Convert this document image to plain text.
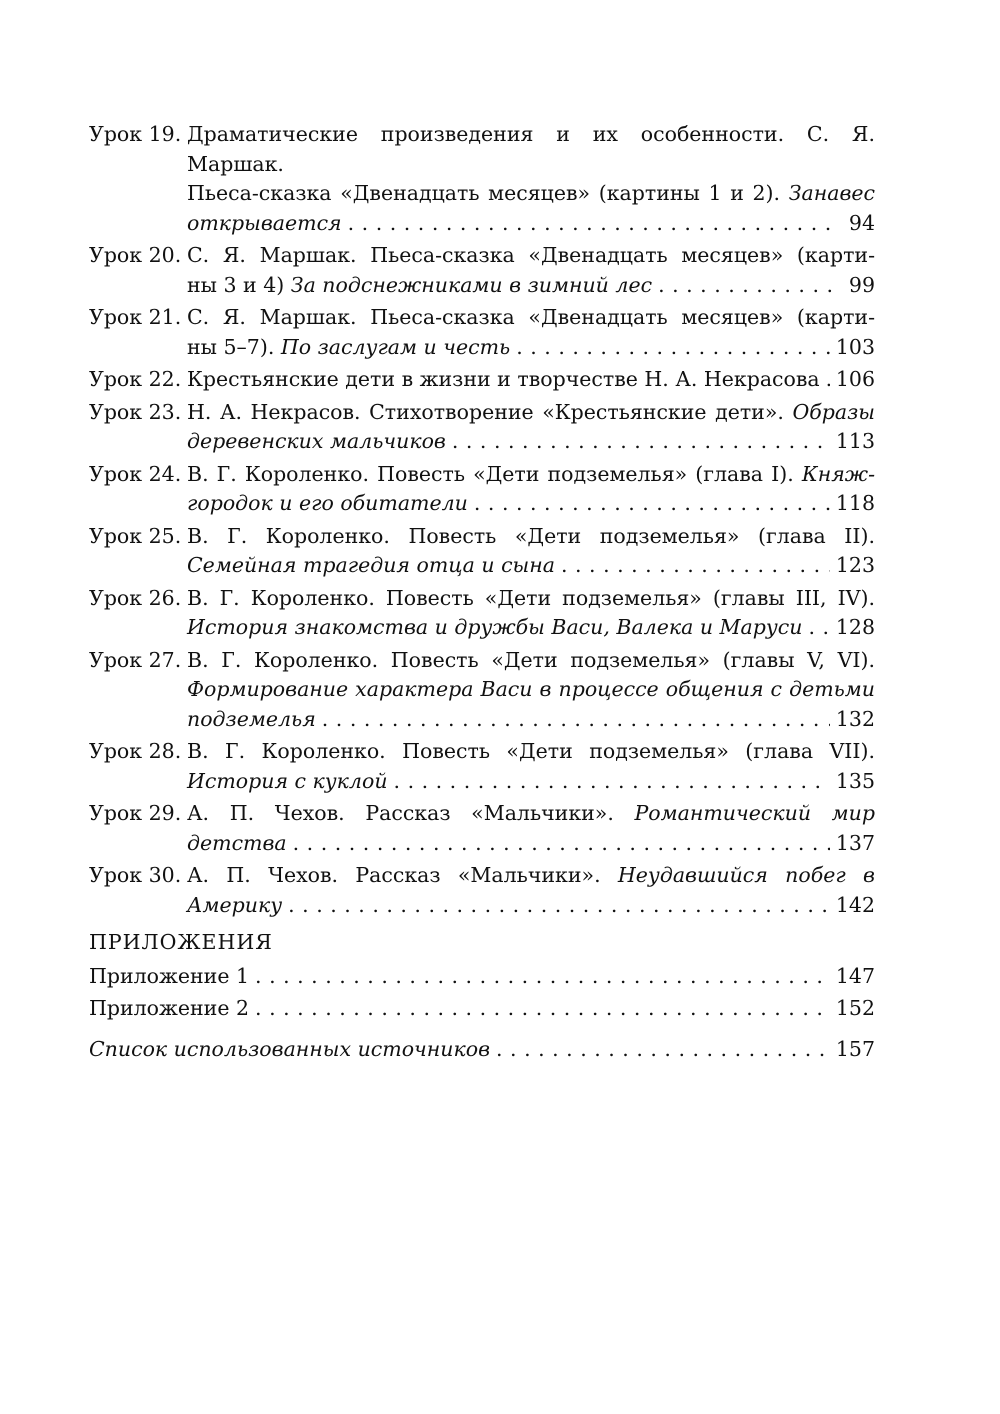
Урок 19. Драматические произведения и их особенности. С. Я. Маршак.
Пьеса-сказка «Двенадцать месяцев» (картины 1 и 2). Занавес
открывается . . .	94
Урок 20. С. Я. Маршак. Пьеса-сказка «Двенадцать месяцев» (карти-
ны 3 и 4) За подснежниками в зимний лес . . .	99
Урок 21. С. Я. Маршак. Пьеса-сказка «Двенадцать месяцев» (карти-
ны 5–7). По заслугам и честь . . .	103
Урок 22. Крестьянские дети в жизни и творчестве Н. А. Некрасова . . . 106
Урок 23. Н. А. Некрасов. Стихотворение «Крестьянские дети». Образы
деревенских мальчиков . . .	113
Урок 24. В. Г. Короленко. Повесть «Дети подземелья» (глава I). Княж-
городок и его обитатели . . .	118
Урок 25. В. Г. Короленко. Повесть «Дети подземелья» (глава II).
Семейная трагедия отца и сына . . .	123
Урок 26. В. Г. Короленко. Повесть «Дети подземелья» (главы III, IV).
История знакомства и дружбы Васи, Валека и Маруси . . . 128
Урок 27. В. Г. Короленко. Повесть «Дети подземелья» (главы V, VI).
Формирование характера Васи в процессе общения с детьми
подземелья . . .	132
Урок 28. В. Г. Короленко. Повесть «Дети подземелья» (глава VII).
История с куклой . . .	135
Урок 29. А. П. Чехов. Рассказ «Мальчики». Романтический мир
детства . . .	137
Урок 30. А. П. Чехов. Рассказ «Мальчики». Неудавшийся побег в
Америку . . .	142
ПРИЛОЖЕНИЯ
Приложение 1 . . .	147
Приложение 2 . . .	152
Список использованных источников . . .	157
